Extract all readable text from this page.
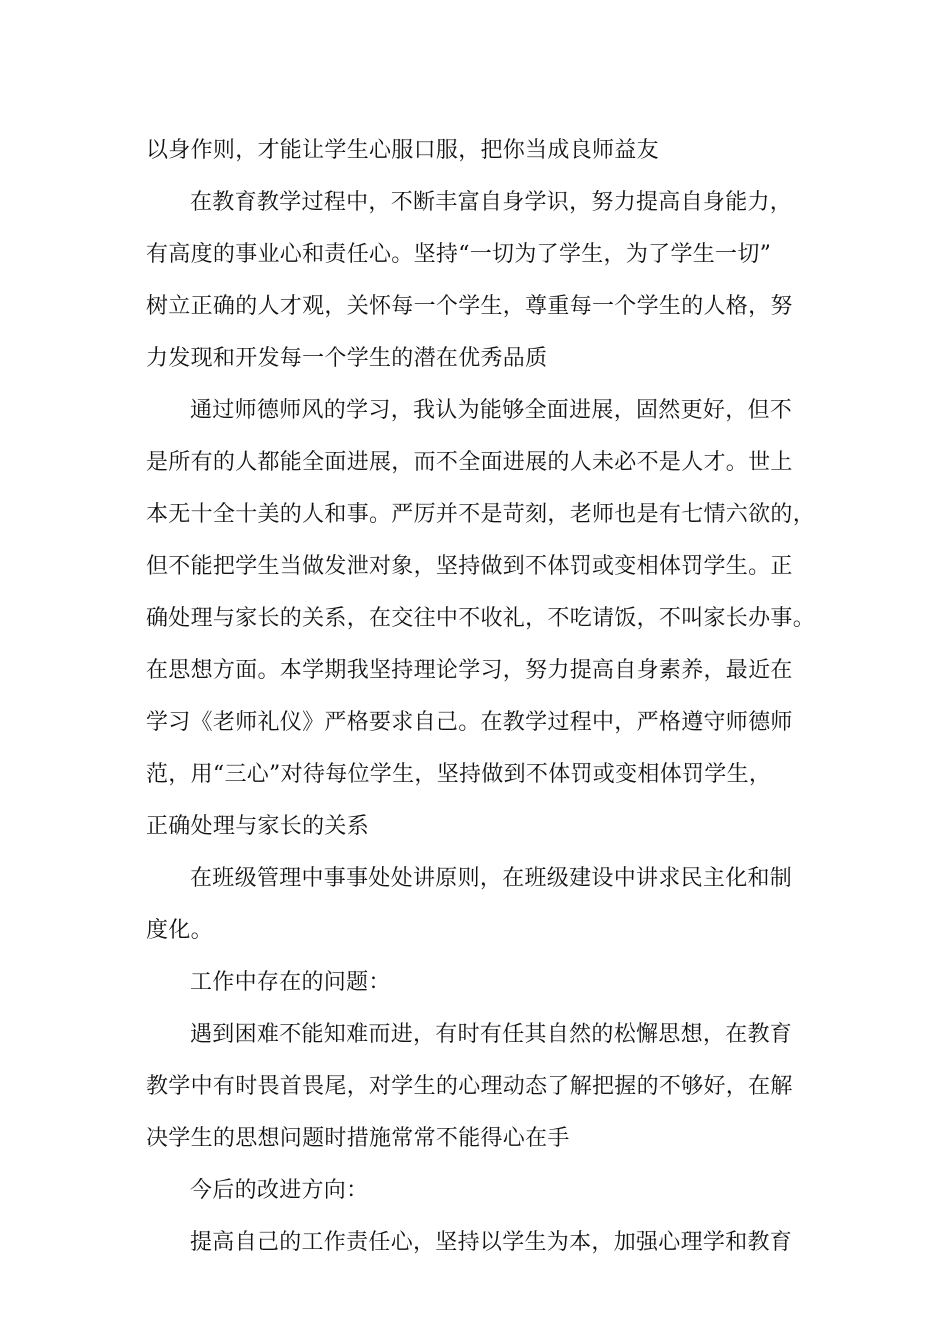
以身作则，才能让学生心服口服，把你当成良师益友

在教育教学过程中，不断丰富自身学识，努力提高自身能力，

有高度的事业心和责任心。坚持“一切为了学生，为了学生一切”

树立正确的人才观，关怀每一个学生，尊重每一个学生的人格，努

力发现和开发每一个学生的潜在优秀品质

通过师德师风的学习，我认为能够全面进展，固然更好，但不

是所有的人都能全面进展，而不全面进展的人未必不是人才。世上

本无十全十美的人和事。严厉并不是苛刻，老师也是有七情六欲的，

但不能把学生当做发泄对象，坚持做到不体罚或变相体罚学生。正

确处理与家长的关系，在交往中不收礼，不吃请饭，不叫家长办事。

在思想方面。本学期我坚持理论学习，努力提高自身素养，最近在

学习《老师礼仪》严格要求自己。在教学过程中，严格遵守师德师

范，用“三心”对待每位学生，坚持做到不体罚或变相体罚学生，

正确处理与家长的关系

在班级管理中事事处处讲原则，在班级建设中讲求民主化和制

度化。

工作中存在的问题：

遇到困难不能知难而进，有时有任其自然的松懈思想，在教育

教学中有时畏首畏尾，对学生的心理动态了解把握的不够好，在解

决学生的思想问题时措施常常不能得心在手

今后的改进方向：

提高自己的工作责任心，坚持以学生为本，加强心理学和教育
